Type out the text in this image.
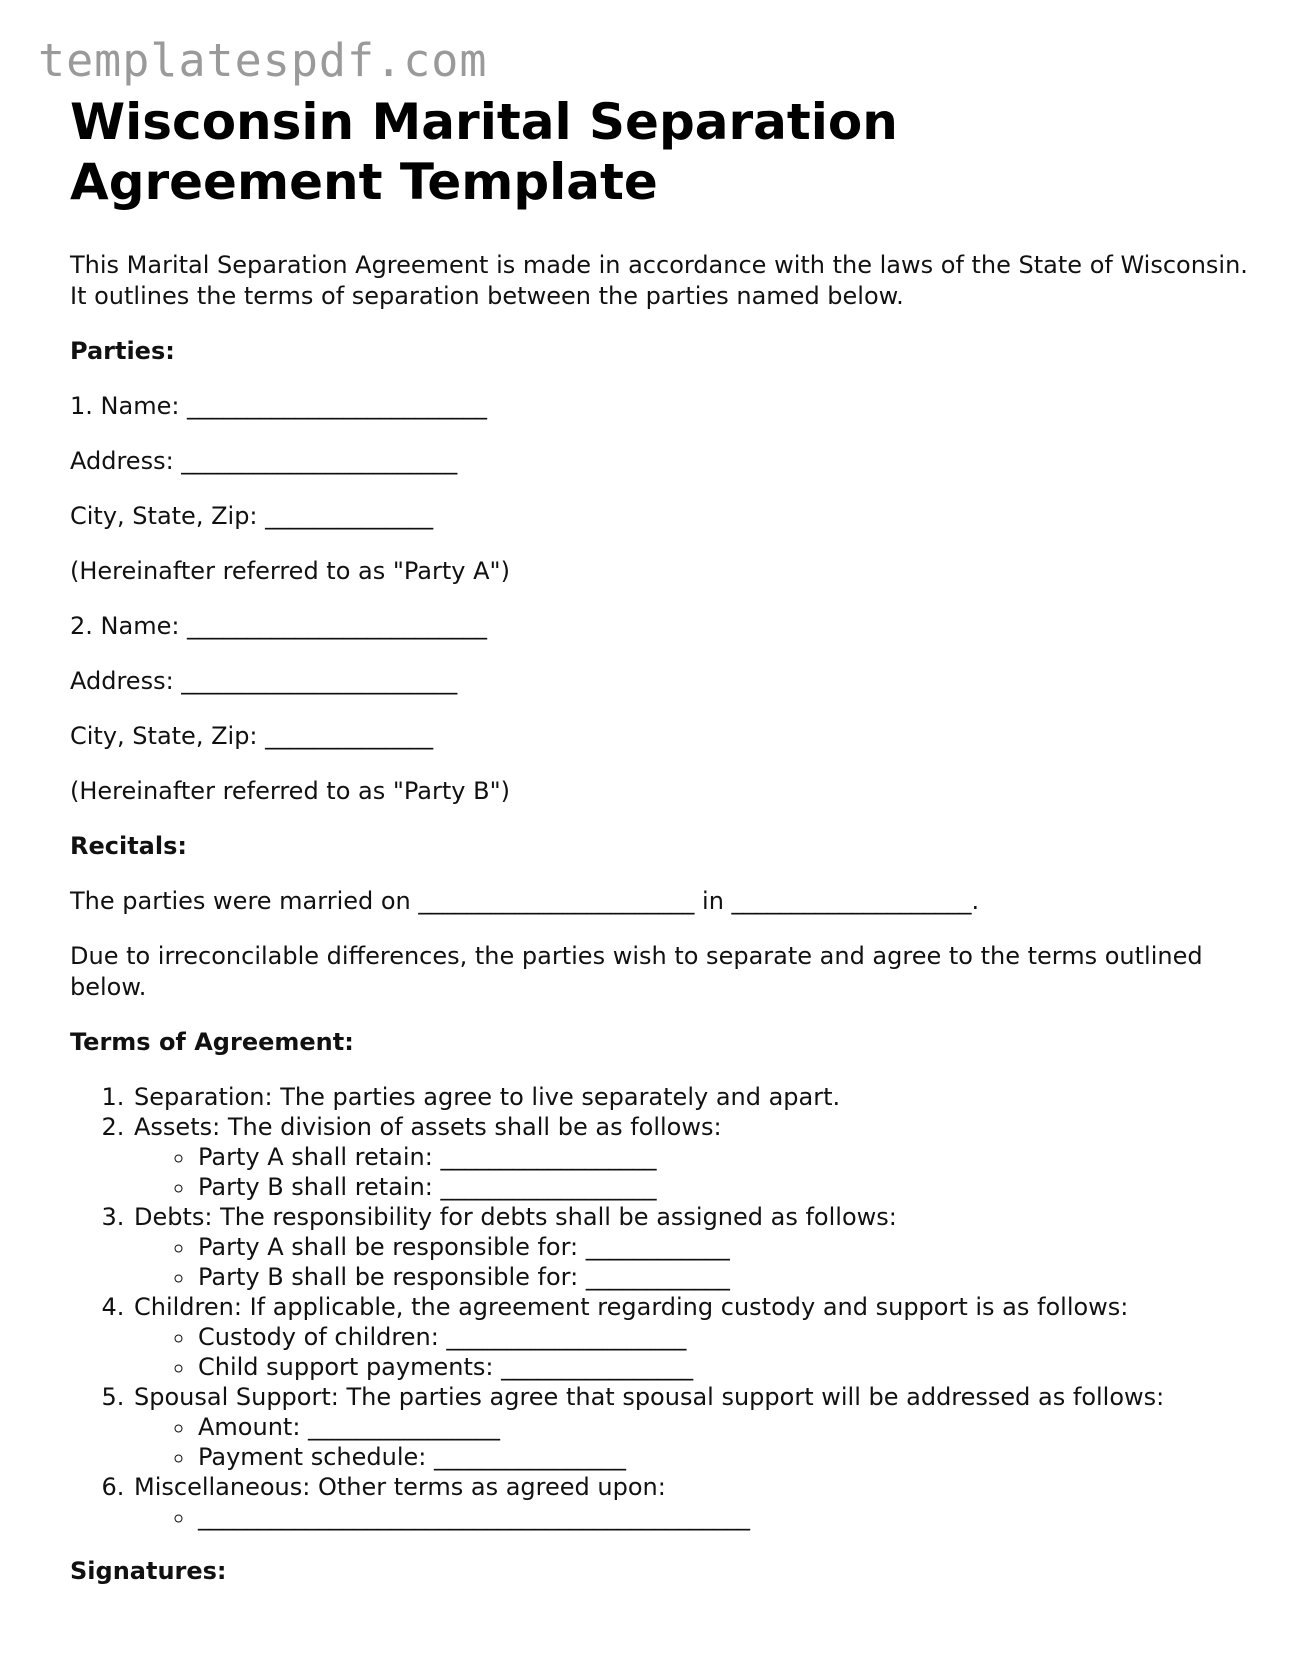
templatespdf.com
Wisconsin Marital Separation
Agreement Template

This Marital Separation Agreement is made in accordance with the laws of the State of Wisconsin. It outlines the terms of separation between the parties named below.

Parties:

1. Name: _________________________

Address: _______________________

City, State, Zip: ______________

(Hereinafter referred to as "Party A")

2. Name: _________________________

Address: _______________________

City, State, Zip: ______________

(Hereinafter referred to as "Party B")

Recitals:

The parties were married on _______________________ in ____________________.

Due to irreconcilable differences, the parties wish to separate and agree to the terms outlined below.

Terms of Agreement:

1. Separation: The parties agree to live separately and apart.
2. Assets: The division of assets shall be as follows:
◦ Party A shall retain: __________________
◦ Party B shall retain: __________________
3. Debts: The responsibility for debts shall be assigned as follows:
◦ Party A shall be responsible for: ____________
◦ Party B shall be responsible for: ____________
4. Children: If applicable, the agreement regarding custody and support is as follows:
◦ Custody of children: ____________________
◦ Child support payments: ________________
5. Spousal Support: The parties agree that spousal support will be addressed as follows:
◦ Amount: ________________
◦ Payment schedule: ________________
6. Miscellaneous: Other terms as agreed upon:
◦ ______________________________________________

Signatures:
